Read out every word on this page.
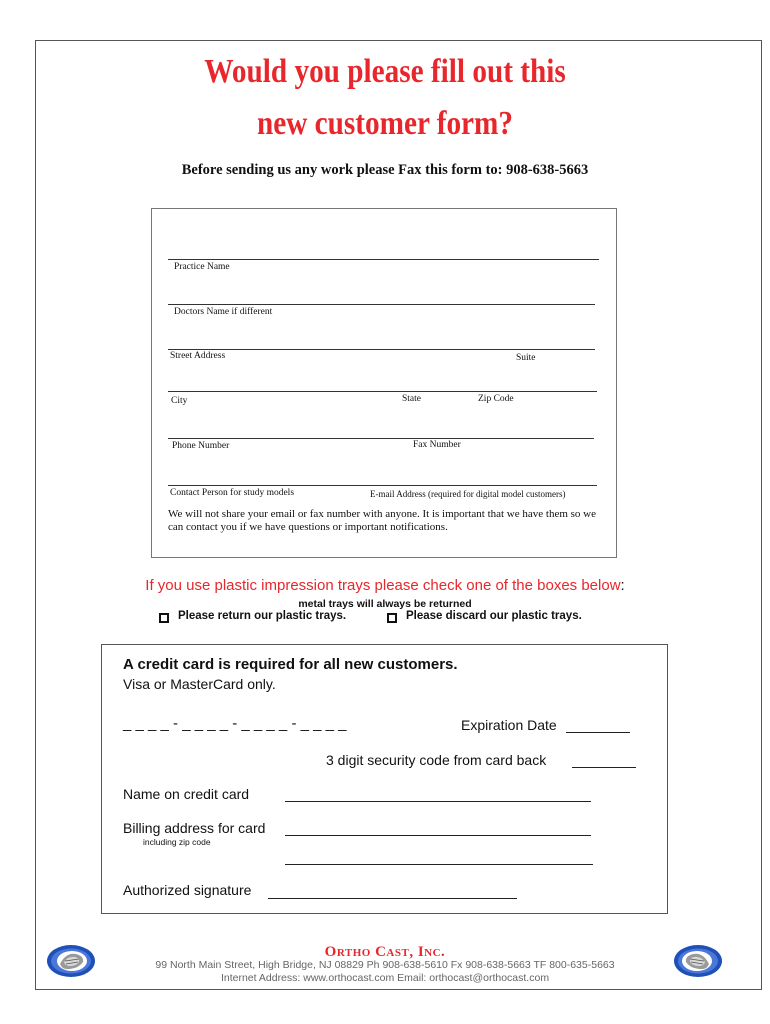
Would you please fill out this
new customer form?
Before sending us any work please Fax this form to: 908-638-5663
Practice Name
Doctors Name if different
Street Address	Suite
City	State	Zip Code
Phone Number	Fax Number
Contact Person for study models	E-mail Address (required for digital model customers)
We will not share your email or fax number with anyone. It is important that we have them so we can contact you if we have questions or important notifications.
If you use plastic impression trays please check one of the boxes below:
metal trays will always be returned
Please return our plastic trays.	Please discard our plastic trays.
A credit card is required for all new customers.
Visa or MasterCard only.
_ _ _ _ - _ _ _ _ - _ _ _ _ - _ _ _ _	Expiration Date
3 digit security code from card back
Name on credit card
Billing address for card
including zip code
Authorized signature
Ortho Cast, Inc.
99 North Main Street, High Bridge, NJ 08829 Ph 908-638-5610 Fx 908-638-5663 TF 800-635-5663
Internet Address: www.orthocast.com Email: orthocast@orthocast.com
